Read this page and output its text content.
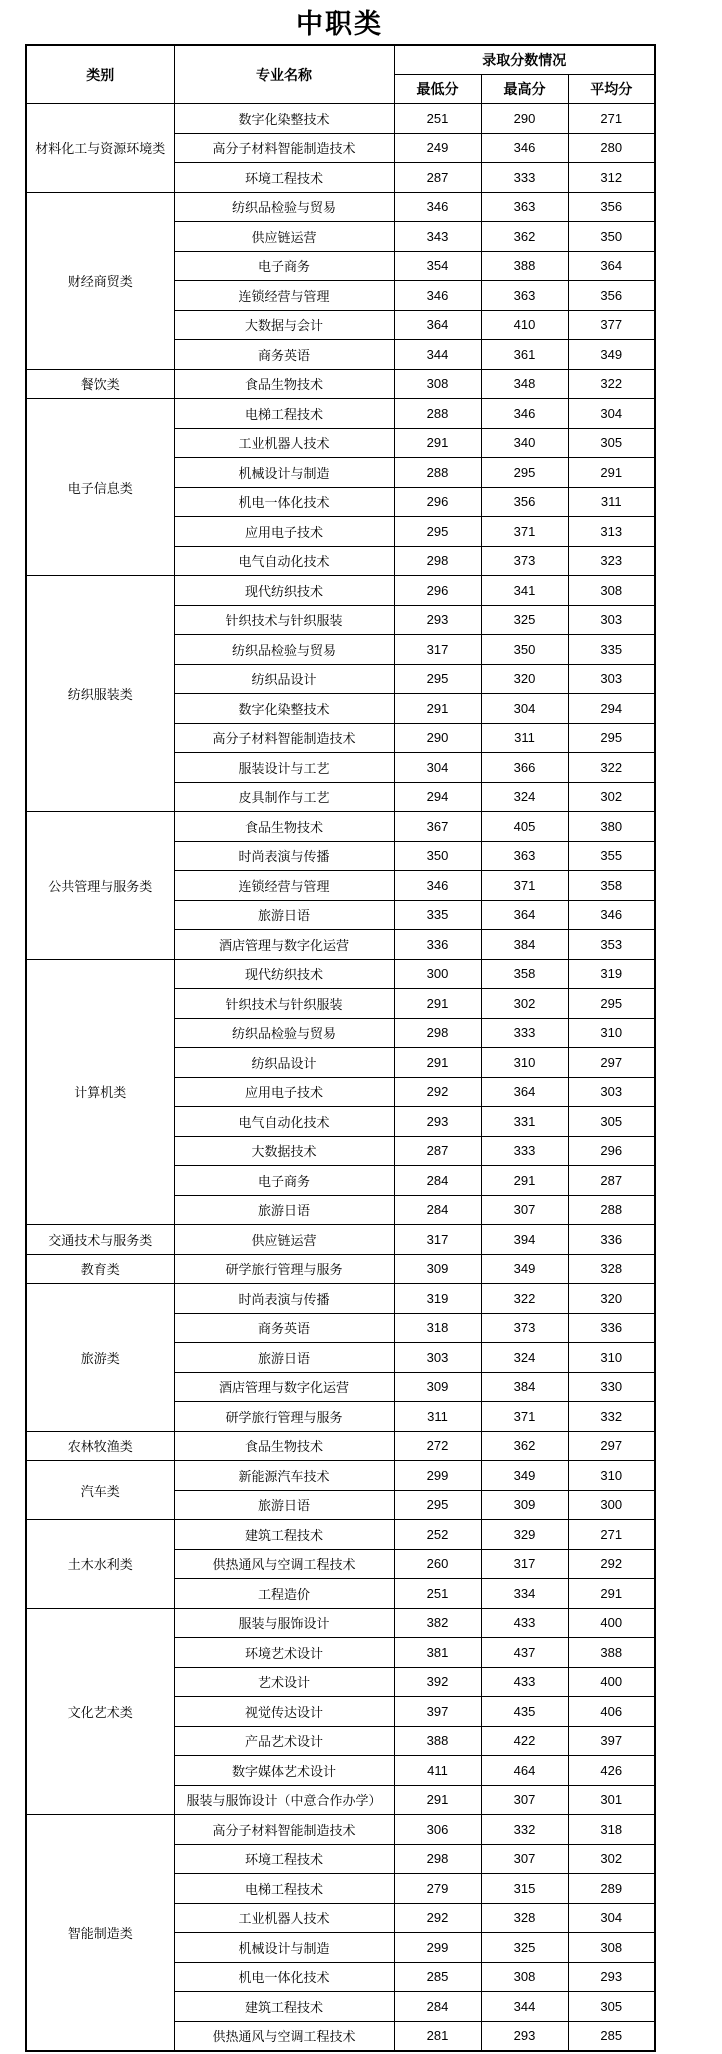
中职类
类别	专业名称	录取分数情况		
		最低分	最高分	平均分
材料化工与资源环境类	数字化染整技术	251	290	271
	高分子材料智能制造技术	249	346	280
	环境工程技术	287	333	312
财经商贸类	纺织品检验与贸易	346	363	356
	供应链运营	343	362	350
	电子商务	354	388	364
	连锁经营与管理	346	363	356
	大数据与会计	364	410	377
	商务英语	344	361	349
餐饮类	食品生物技术	308	348	322
电子信息类	电梯工程技术	288	346	304
	工业机器人技术	291	340	305
	机械设计与制造	288	295	291
	机电一体化技术	296	356	311
	应用电子技术	295	371	313
	电气自动化技术	298	373	323
纺织服装类	现代纺织技术	296	341	308
	针织技术与针织服装	293	325	303
	纺织品检验与贸易	317	350	335
	纺织品设计	295	320	303
	数字化染整技术	291	304	294
	高分子材料智能制造技术	290	311	295
	服装设计与工艺	304	366	322
	皮具制作与工艺	294	324	302
公共管理与服务类	食品生物技术	367	405	380
	时尚表演与传播	350	363	355
	连锁经营与管理	346	371	358
	旅游日语	335	364	346
	酒店管理与数字化运营	336	384	353
计算机类	现代纺织技术	300	358	319
	针织技术与针织服装	291	302	295
	纺织品检验与贸易	298	333	310
	纺织品设计	291	310	297
	应用电子技术	292	364	303
	电气自动化技术	293	331	305
	大数据技术	287	333	296
	电子商务	284	291	287
	旅游日语	284	307	288
交通技术与服务类	供应链运营	317	394	336
教育类	研学旅行管理与服务	309	349	328
旅游类	时尚表演与传播	319	322	320
	商务英语	318	373	336
	旅游日语	303	324	310
	酒店管理与数字化运营	309	384	330
	研学旅行管理与服务	311	371	332
农林牧渔类	食品生物技术	272	362	297
汽车类	新能源汽车技术	299	349	310
	旅游日语	295	309	300
土木水利类	建筑工程技术	252	329	271
	供热通风与空调工程技术	260	317	292
	工程造价	251	334	291
文化艺术类	服装与服饰设计	382	433	400
	环境艺术设计	381	437	388
	艺术设计	392	433	400
	视觉传达设计	397	435	406
	产品艺术设计	388	422	397
	数字媒体艺术设计	411	464	426
	服装与服饰设计（中意合作办学）	291	307	301
智能制造类	高分子材料智能制造技术	306	332	318
	环境工程技术	298	307	302
	电梯工程技术	279	315	289
	工业机器人技术	292	328	304
	机械设计与制造	299	325	308
	机电一体化技术	285	308	293
	建筑工程技术	284	344	305
	供热通风与空调工程技术	281	293	285
